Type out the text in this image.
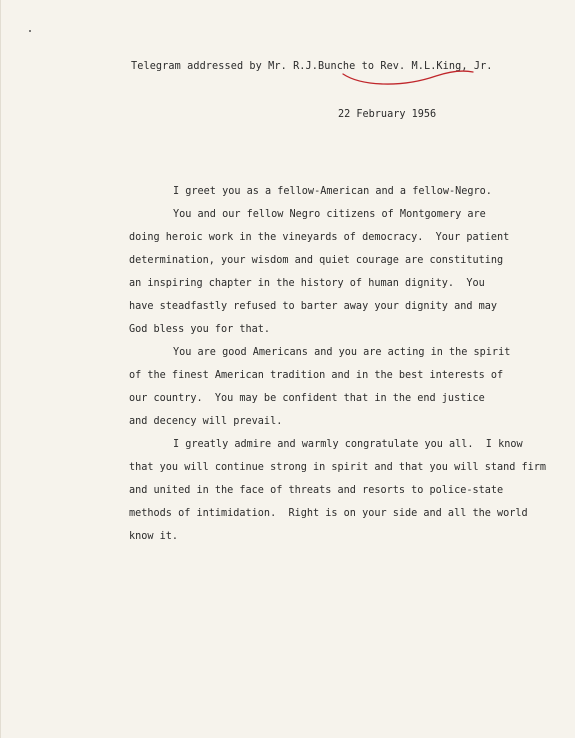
Telegram addressed by Mr. R.J.Bunche to Rev. M.L.King, Jr.
22 February 1956
I greet you as a fellow-American and a fellow-Negro.
You and our fellow Negro citizens of Montgomery are
doing heroic work in the vineyards of democracy.  Your patient
determination, your wisdom and quiet courage are constituting
an inspiring chapter in the history of human dignity.  You
have steadfastly refused to barter away your dignity and may
God bless you for that.
You are good Americans and you are acting in the spirit
of the finest American tradition and in the best interests of
our country.  You may be confident that in the end justice
and decency will prevail.
I greatly admire and warmly congratulate you all.  I know
that you will continue strong in spirit and that you will stand firm
and united in the face of threats and resorts to police-state
methods of intimidation.  Right is on your side and all the world
know it.
